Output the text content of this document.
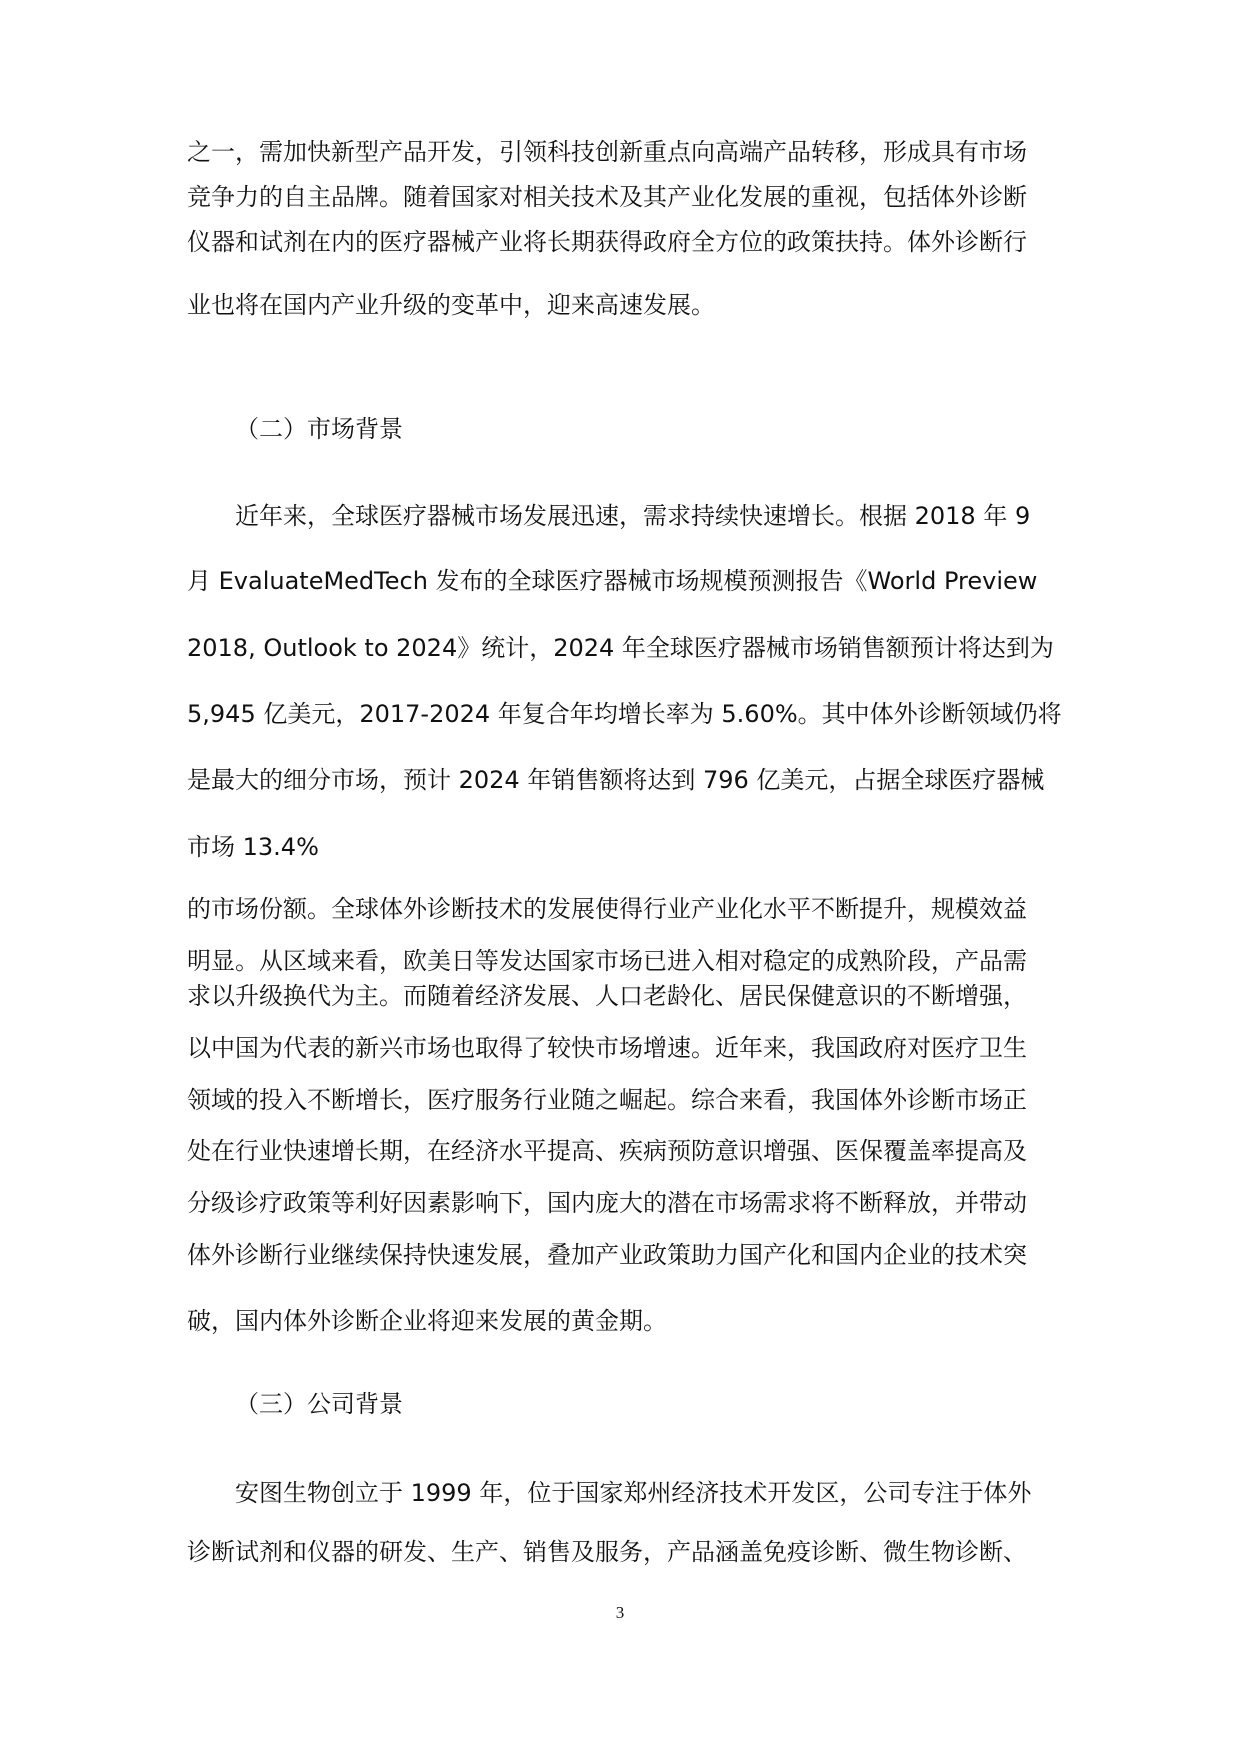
之一，需加快新型产品开发，引领科技创新重点向高端产品转移，形成具有市场
竞争力的自主品牌。随着国家对相关技术及其产业化发展的重视，包括体外诊断
仪器和试剂在内的医疗器械产业将长期获得政府全方位的政策扶持。体外诊断行
业也将在国内产业升级的变革中，迎来高速发展。
（二）市场背景
近年来，全球医疗器械市场发展迅速，需求持续快速增长。根据 2018 年 9
月 EvaluateMedTech 发布的全球医疗器械市场规模预测报告《World Preview
2018, Outlook to 2024》统计，2024 年全球医疗器械市场销售额预计将达到为
5,945 亿美元，2017-2024 年复合年均增长率为 5.60%。其中体外诊断领域仍将
是最大的细分市场，预计 2024 年销售额将达到 796 亿美元，占据全球医疗器械
市场 13.4%
的市场份额。全球体外诊断技术的发展使得行业产业化水平不断提升，规模效益
明显。从区域来看，欧美日等发达国家市场已进入相对稳定的成熟阶段，产品需
求以升级换代为主。而随着经济发展、人口老龄化、居民保健意识的不断增强，
以中国为代表的新兴市场也取得了较快市场增速。近年来，我国政府对医疗卫生
领域的投入不断增长，医疗服务行业随之崛起。综合来看，我国体外诊断市场正
处在行业快速增长期，在经济水平提高、疾病预防意识增强、医保覆盖率提高及
分级诊疗政策等利好因素影响下，国内庞大的潜在市场需求将不断释放，并带动
体外诊断行业继续保持快速发展，叠加产业政策助力国产化和国内企业的技术突
破，国内体外诊断企业将迎来发展的黄金期。
（三）公司背景
安图生物创立于 1999 年，位于国家郑州经济技术开发区，公司专注于体外
诊断试剂和仪器的研发、生产、销售及服务，产品涵盖免疫诊断、微生物诊断、
3
